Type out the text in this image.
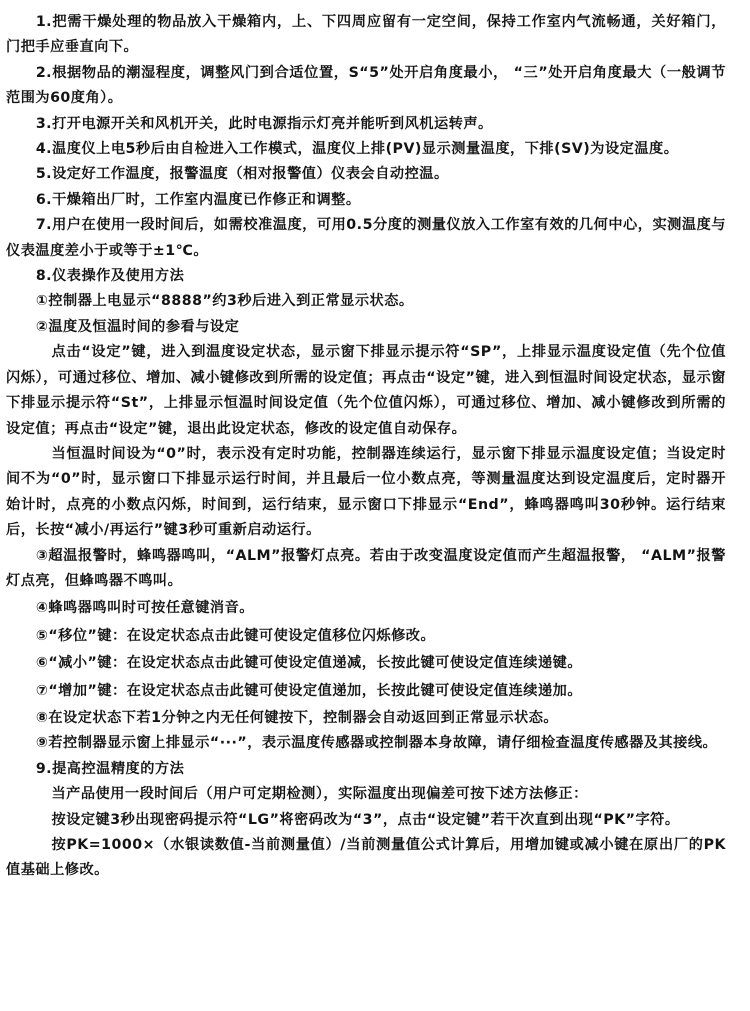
1.把需干燥处理的物品放入干燥箱内，上、下四周应留有一定空间，保持工作室内气流畅通，关好箱门，门把手应垂直向下。

2.根据物品的潮湿程度，调整风门到合适位置，S“5”处开启角度最小， “三”处开启角度最大（一般调节范围为60度角）。

3.打开电源开关和风机开关，此时电源指示灯亮并能听到风机运转声。

4.温度仪上电5秒后由自检进入工作模式，温度仪上排(PV)显示测量温度，下排(SV)为设定温度。

5.设定好工作温度，报警温度（相对报警值）仪表会自动控温。

6.干燥箱出厂时，工作室内温度已作修正和调整。

7.用户在使用一段时间后，如需校准温度，可用0.5分度的测量仪放入工作室有效的几何中心，实测温度与仪表温度差小于或等于±1℃。

8.仪表操作及使用方法

①控制器上电显示“8888”约3秒后进入到正常显示状态。

②温度及恒温时间的参看与设定

点击“设定”键，进入到温度设定状态，显示窗下排显示提示符“SP”，上排显示温度设定值（先个位值闪烁），可通过移位、增加、减小键修改到所需的设定值；再点击“设定”键，进入到恒温时间设定状态，显示窗下排显示提示符“St”，上排显示恒温时间设定值（先个位值闪烁），可通过移位、增加、减小键修改到所需的设定值；再点击“设定”键，退出此设定状态，修改的设定值自动保存。

当恒温时间设为“0”时，表示没有定时功能，控制器连续运行，显示窗下排显示温度设定值；当设定时间不为“0”时，显示窗口下排显示运行时间，并且最后一位小数点亮，等测量温度达到设定温度后，定时器开始计时，点亮的小数点闪烁，时间到，运行结束，显示窗口下排显示“End”，蜂鸣器鸣叫30秒钟。运行结束后，长按“减小/再运行”键3秒可重新启动运行。

③超温报警时，蜂鸣器鸣叫，“ALM”报警灯点亮。若由于改变温度设定值而产生超温报警， “ALM”报警灯点亮，但蜂鸣器不鸣叫。

④蜂鸣器鸣叫时可按任意键消音。

⑤“移位”键：在设定状态点击此键可使设定值移位闪烁修改。

⑥“减小”键：在设定状态点击此键可使设定值递减，长按此键可使设定值连续递键。

⑦“增加”键：在设定状态点击此键可使设定值递加，长按此键可使设定值连续递加。

⑧在设定状态下若1分钟之内无任何键按下，控制器会自动返回到正常显示状态。

⑨若控制器显示窗上排显示“···”，表示温度传感器或控制器本身故障，请仔细检查温度传感器及其接线。

9.提高控温精度的方法

当产品使用一段时间后（用户可定期检测），实际温度出现偏差可按下述方法修正：

按设定键3秒出现密码提示符“LG”将密码改为“3”，点击“设定键”若干次直到出现“PK”字符。

按PK=1000×（水银读数值-当前测量值）/当前测量值公式计算后，用增加键或减小键在原出厂的PK值基础上修改。
